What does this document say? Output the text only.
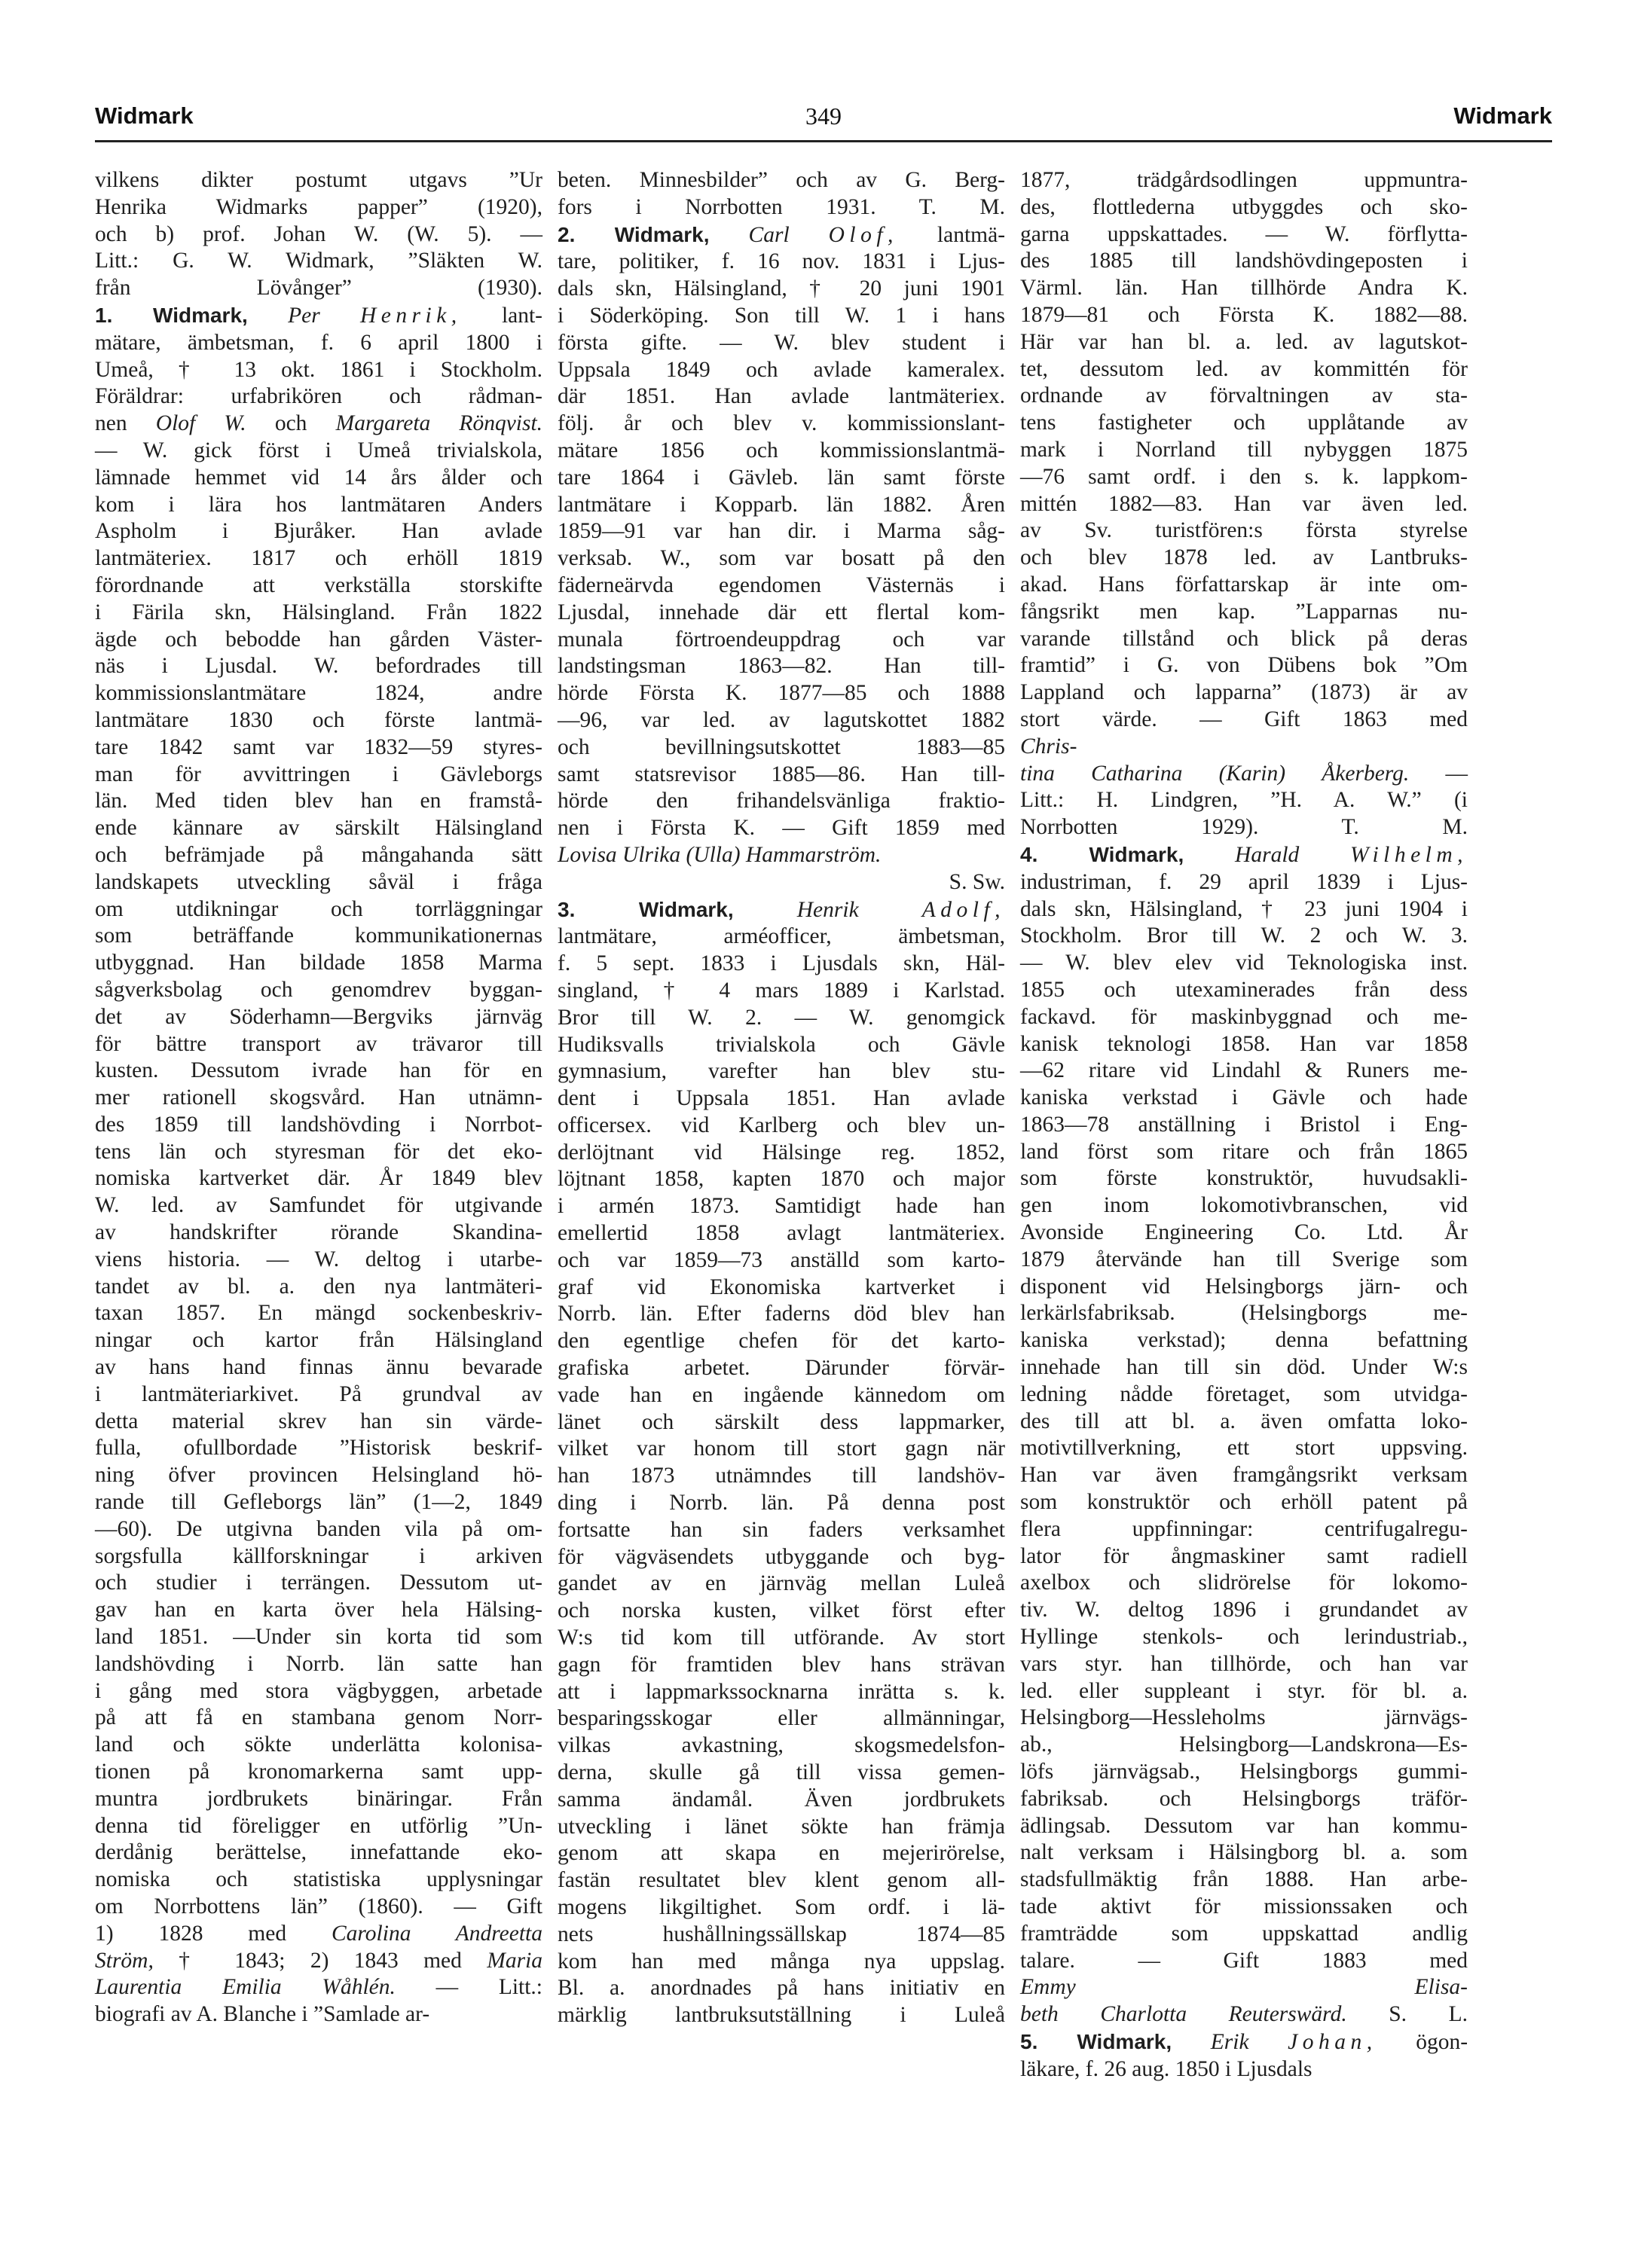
Widmark	349	Widmark
vilkens dikter postumt utgavs ”Ur
Henrika Widmarks papper” (1920),
och b) prof. Johan W. (W. 5). —
Litt.: G. W. Widmark, ”Släkten W.
från Lövånger” (1930).
1. Widmark, Per Henrik, lant-
mätare, ämbetsman, f. 6 april 1800 i
Umeå, † 13 okt. 1861 i Stockholm.
Föräldrar: urfabrikören och rådman-
nen Olof W. och Margareta Rönqvist.
— W. gick först i Umeå trivialskola,
lämnade hemmet vid 14 års ålder och
kom i lära hos lantmätaren Anders
Aspholm i Bjuråker. Han avlade
lantmäteriex. 1817 och erhöll 1819
förordnande att verkställa storskifte
i Färila skn, Hälsingland. Från 1822
ägde och bebodde han gården Väster-
näs i Ljusdal. W. befordrades till
kommissionslantmätare 1824, andre
lantmätare 1830 och förste lantmä-
tare 1842 samt var 1832—59 styres-
man för avvittringen i Gävleborgs
län. Med tiden blev han en framstå-
ende kännare av särskilt Hälsingland
och befrämjade på mångahanda sätt
landskapets utveckling såväl i fråga
om utdikningar och torrläggningar
som beträffande kommunikationernas
utbyggnad. Han bildade 1858 Marma
sågverksbolag och genomdrev byggan-
det av Söderhamn—Bergviks järnväg
för bättre transport av trävaror till
kusten. Dessutom ivrade han för en
mer rationell skogsvård. Han utnämn-
des 1859 till landshövding i Norrbot-
tens län och styresman för det eko-
nomiska kartverket där. År 1849 blev
W. led. av Samfundet för utgivande
av handskrifter rörande Skandina-
viens historia. — W. deltog i utarbe-
tandet av bl. a. den nya lantmäteri-
taxan 1857. En mängd sockenbeskriv-
ningar och kartor från Hälsingland
av hans hand finnas ännu bevarade
i lantmäteriarkivet. På grundval av
detta material skrev han sin värde-
fulla, ofullbordade ”Historisk beskrif-
ning öfver provincen Helsingland hö-
rande till Gefleborgs län” (1—2, 1849
—60). De utgivna banden vila på om-
sorgsfulla källforskningar i arkiven
och studier i terrängen. Dessutom ut-
gav han en karta över hela Hälsing-
land 1851. —Under sin korta tid som
landshövding i Norrb. län satte han
i gång med stora vägbyggen, arbetade
på att få en stambana genom Norr-
land och sökte underlätta kolonisa-
tionen på kronomarkerna samt upp-
muntra jordbrukets binäringar. Från
denna tid föreligger en utförlig ”Un-
derdånig berättelse, innefattande eko-
nomiska och statistiska upplysningar
om Norrbottens län” (1860). — Gift
1) 1828 med Carolina Andreetta
Ström, † 1843; 2) 1843 med Maria
Laurentia Emilia Wåhlén. — Litt.:
biografi av A. Blanche i ”Samlade ar-
beten. Minnesbilder” och av G. Berg-
fors i Norrbotten 1931. T. M.
2. Widmark, Carl Olof, lantmä-
tare, politiker, f. 16 nov. 1831 i Ljus-
dals skn, Hälsingland, † 20 juni 1901
i Söderköping. Son till W. 1 i hans
första gifte. — W. blev student i
Uppsala 1849 och avlade kameralex.
där 1851. Han avlade lantmäteriex.
följ. år och blev v. kommissionslant-
mätare 1856 och kommissionslantmä-
tare 1864 i Gävleb. län samt förste
lantmätare i Kopparb. län 1882. Åren
1859—91 var han dir. i Marma såg-
verksab. W., som var bosatt på den
fäderneärvda egendomen Västernäs i
Ljusdal, innehade där ett flertal kom-
munala förtroendeuppdrag och var
landstingsman 1863—82. Han till-
hörde Första K. 1877—85 och 1888
—96, var led. av lagutskottet 1882
och bevillningsutskottet 1883—85
samt statsrevisor 1885—86. Han till-
hörde den frihandelsvänliga fraktio-
nen i Första K. — Gift 1859 med
Lovisa Ulrika (Ulla) Hammarström.
S. Sw.
3. Widmark,	Henrik	Adolf,
lantmätare, arméofficer, ämbetsman,
f. 5 sept. 1833 i Ljusdals skn, Häl-
singland, † 4 mars 1889 i Karlstad.
Bror till W. 2. — W. genomgick
Hudiksvalls trivialskola och Gävle
gymnasium, varefter han blev stu-
dent i Uppsala 1851. Han avlade
officersex. vid Karlberg och blev un-
derlöjtnant vid Hälsinge reg. 1852,
löjtnant 1858, kapten 1870 och major
i armén 1873. Samtidigt hade han
emellertid 1858 avlagt lantmäteriex.
och var 1859—73 anställd som karto-
graf vid Ekonomiska kartverket i
Norrb. län. Efter faderns död blev han
den egentlige chefen för det karto-
grafiska arbetet. Därunder förvär-
vade han en ingående kännedom om
länet och särskilt dess lappmarker,
vilket var honom till stort gagn när
han 1873 utnämndes till landshöv-
ding i Norrb. län. På denna post
fortsatte han sin faders verksamhet
för vägväsendets utbyggande och byg-
gandet av en järnväg mellan Luleå
och norska kusten, vilket först efter
W:s tid kom till utförande. Av stort
gagn för framtiden blev hans strävan
att i lappmarkssocknarna inrätta s. k.
besparingsskogar eller allmänningar,
vilkas avkastning, skogsmedelsfon-
derna, skulle gå till vissa gemen-
samma ändamål. Även jordbrukets
utveckling i länet sökte han främja
genom att skapa en mejerirörelse,
fastän resultatet blev klent genom all-
mogens likgiltighet. Som ordf. i lä-
nets hushållningssällskap 1874—85
kom han med många nya uppslag.
Bl. a. anordnades på hans initiativ en
märklig lantbruksutställning i Luleå
1877, trädgårdsodlingen uppmuntra-
des, flottlederna utbyggdes och sko-
garna uppskattades. — W. förflytta-
des 1885 till landshövdingeposten i
Värml. län. Han tillhörde Andra K.
1879—81 och Första K. 1882—88.
Här var han bl. a. led. av lagutskot-
tet, dessutom led. av kommittén för
ordnande av förvaltningen av sta-
tens fastigheter och upplåtande av
mark i Norrland till nybyggen 1875
—76 samt ordf. i den s. k. lappkom-
mittén 1882—83. Han var även led.
av Sv. turistfören:s första styrelse
och blev 1878 led. av Lantbruks-
akad. Hans författarskap är inte om-
fångsrikt men kap. ”Lapparnas nu-
varande tillstånd och blick på deras
framtid” i G. von Dübens bok ”Om
Lappland och lapparna” (1873) är av
stort värde. — Gift 1863 med
Chris-
tina Catharina (Karin) Åkerberg. —
Litt.: H. Lindgren, ”H. A. W.” (i
Norrbotten 1929).	T. M.
4. Widmark, Harald Wilhelm,
industriman, f. 29 april 1839 i Ljus-
dals skn, Hälsingland, † 23 juni 1904 i
Stockholm. Bror till W. 2 och W. 3.
— W. blev elev vid Teknologiska inst.
1855 och utexaminerades från dess
fackavd. för maskinbyggnad och me-
kanisk teknologi 1858. Han var 1858
—62 ritare vid Lindahl & Runers me-
kaniska verkstad i Gävle och hade
1863—78 anställning i Bristol i Eng-
land först som ritare och från 1865
som förste konstruktör, huvudsakli-
gen inom lokomotivbranschen, vid
Avonside Engineering Co. Ltd. År
1879 återvände han till Sverige som
disponent vid Helsingborgs järn- och
lerkärlsfabriksab. (Helsingborgs me-
kaniska verkstad); denna befattning
innehade han till sin död. Under W:s
ledning nådde företaget, som utvidga-
des till att bl. a. även omfatta loko-
motivtillverkning, ett stort uppsving.
Han var även framgångsrikt verksam
som konstruktör och erhöll patent på
flera uppfinningar: centrifugalregu-
lator för ångmaskiner samt radiell
axelbox och slidrörelse för lokomo-
tiv. W. deltog 1896 i grundandet av
Hyllinge stenkols- och lerindustriab.,
vars styr. han tillhörde, och han var
led. eller suppleant i styr. för bl. a.
Helsingborg—Hessleholms järnvägs-
ab., Helsingborg—Landskrona—Es-
löfs järnvägsab., Helsingborgs gummi-
fabriksab. och Helsingborgs träför-
ädlingsab. Dessutom var han kommu-
nalt verksam i Hälsingborg bl. a. som
stadsfullmäktig från 1888. Han arbe-
tade aktivt för missionssaken och
framträdde som uppskattad andlig
talare. — Gift 1883 med
Emmy Elisa-
beth Charlotta Reuterswärd. S. L.
5. Widmark, Erik Johan, ögon-
läkare, f. 26 aug. 1850 i Ljusdals
